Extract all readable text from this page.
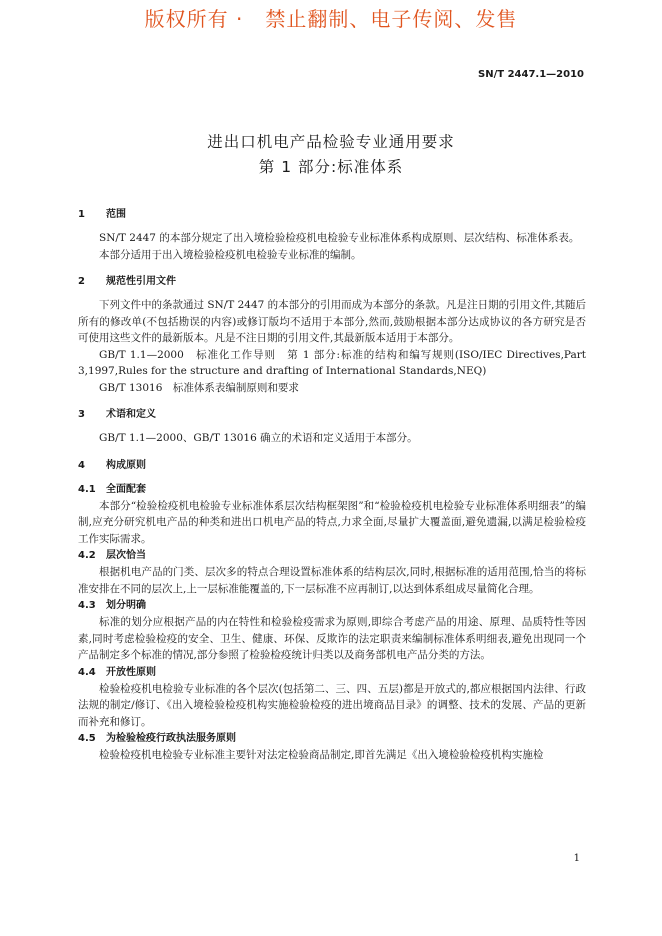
版权所有 ·   禁止翻制、电子传阅、发售
SN/T 2447.1—2010
进出口机电产品检验专业通用要求
第 1 部分:标准体系
1 范围

SN/T 2447 的本部分规定了出入境检验检疫机电检验专业标准体系构成原则、层次结构、标准体系表。

本部分适用于出入境检验检疫机电检验专业标准的编制。

2 规范性引用文件

下列文件中的条款通过 SN/T 2447 的本部分的引用而成为本部分的条款。凡是注日期的引用文件,其随后所有的修改单(不包括勘误的内容)或修订版均不适用于本部分,然而,鼓励根据本部分达成协议的各方研究是否可使用这些文件的最新版本。凡是不注日期的引用文件,其最新版本适用于本部分。

GB/T 1.1—2000　标准化工作导则　第 1 部分:标准的结构和编写规则(ISO/IEC Directives,Part 3,1997,Rules for the structure and drafting of International Standards,NEQ)

GB/T 13016　标准体系表编制原则和要求

3 术语和定义

GB/T 1.1—2000、GB/T 13016 确立的术语和定义适用于本部分。

4 构成原则
4.1 全面配套

本部分“检验检疫机电检验专业标准体系层次结构框架图”和“检验检疫机电检验专业标准体系明细表”的编制,应充分研究机电产品的种类和进出口机电产品的特点,力求全面,尽量扩大覆盖面,避免遗漏,以满足检验检疫工作实际需求。

4.2 层次恰当

根据机电产品的门类、层次多的特点合理设置标准体系的结构层次,同时,根据标准的适用范围,恰当的将标准安排在不同的层次上,上一层标准能覆盖的,下一层标准不应再制订,以达到体系组成尽量简化合理。

4.3 划分明确

标准的划分应根据产品的内在特性和检验检疫需求为原则,即综合考虑产品的用途、原理、品质特性等因素,同时考虑检验检疫的安全、卫生、健康、环保、反欺诈的法定职责来编制标准体系明细表,避免出现同一个产品制定多个标准的情况,部分参照了检验检疫统计归类以及商务部机电产品分类的方法。

4.4 开放性原则

检验检疫机电检验专业标准的各个层次(包括第二、三、四、五层)都是开放式的,都应根据国内法律、行政法规的制定/修订、《出入境检验检疫机构实施检验检疫的进出境商品目录》的调整、技术的发展、产品的更新而补充和修订。

4.5 为检验检疫行政执法服务原则

检验检疫机电检验专业标准主要针对法定检验商品制定,即首先满足《出入境检验检疫机构实施检

1
